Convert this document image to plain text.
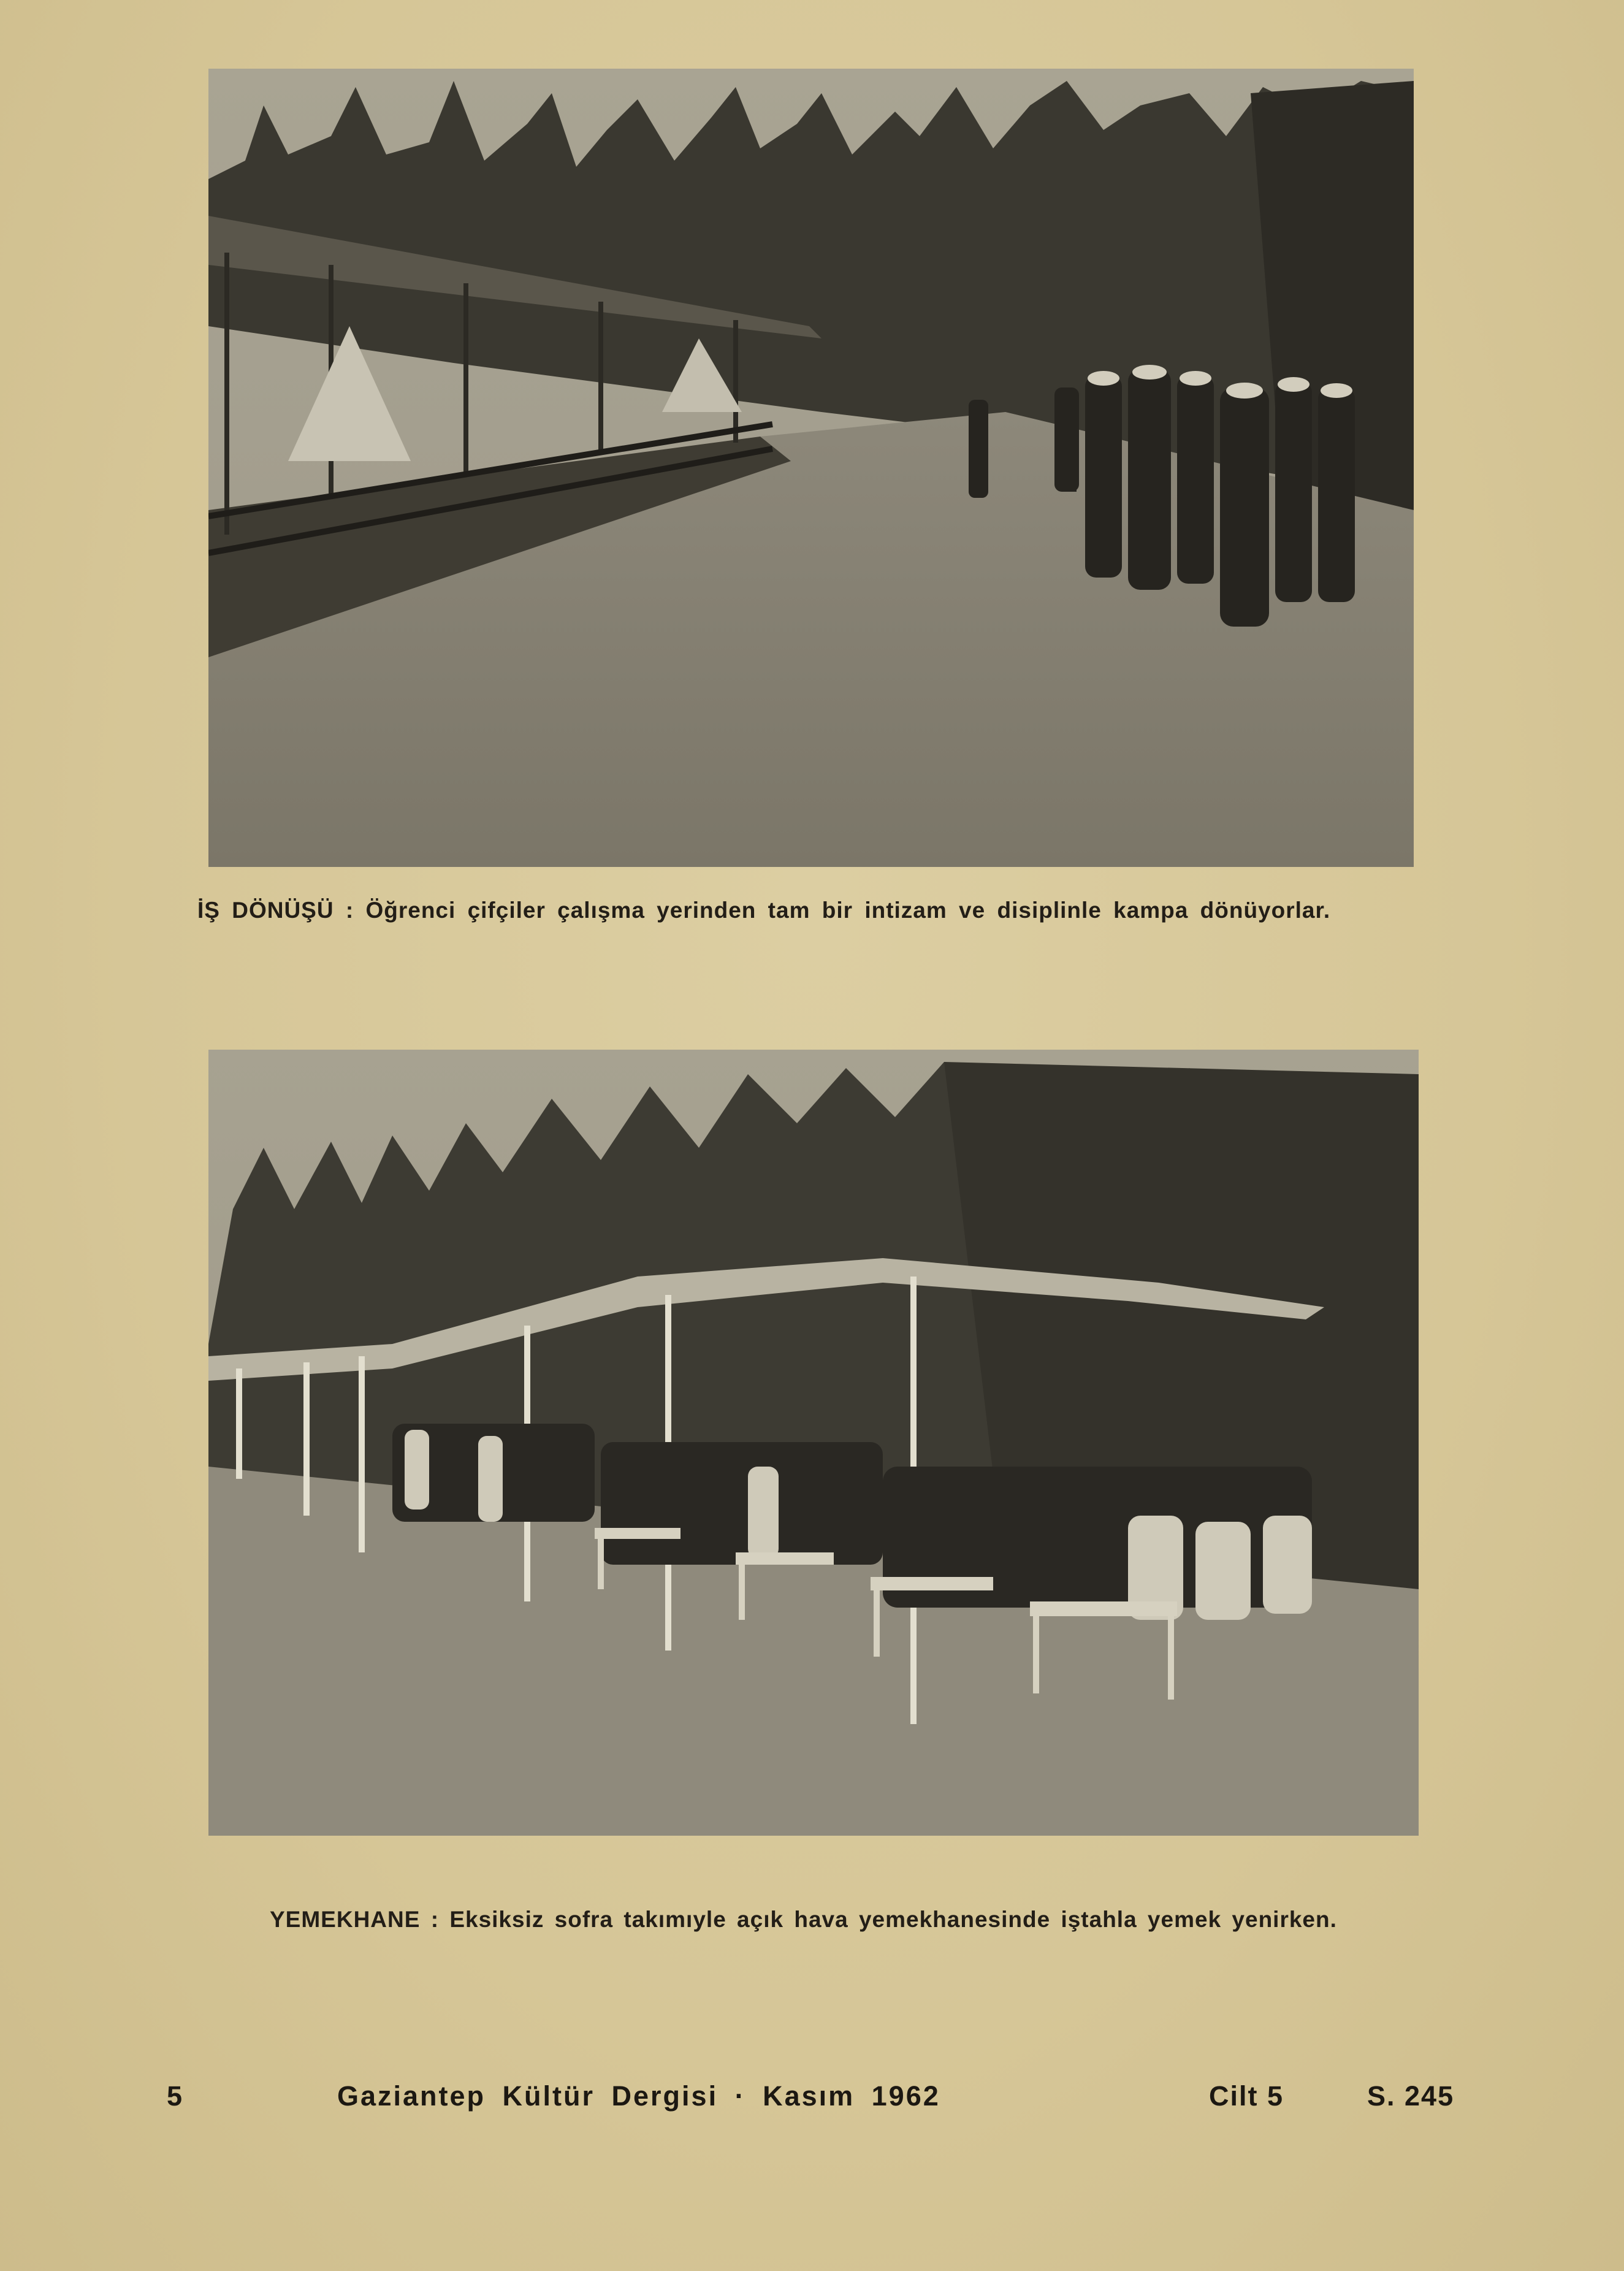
İŞ DÖNÜŞÜ : Öğrenci çifçiler çalışma yerinden tam bir intizam ve disiplinle kampa dönüyorlar.
YEMEKHANE : Eksiksiz sofra takımıyle açık hava yemekhanesinde iştahla yemek yenirken.
5	Gaziantep Kültür Dergisi · Kasım 1962	Cilt 5	S. 245
